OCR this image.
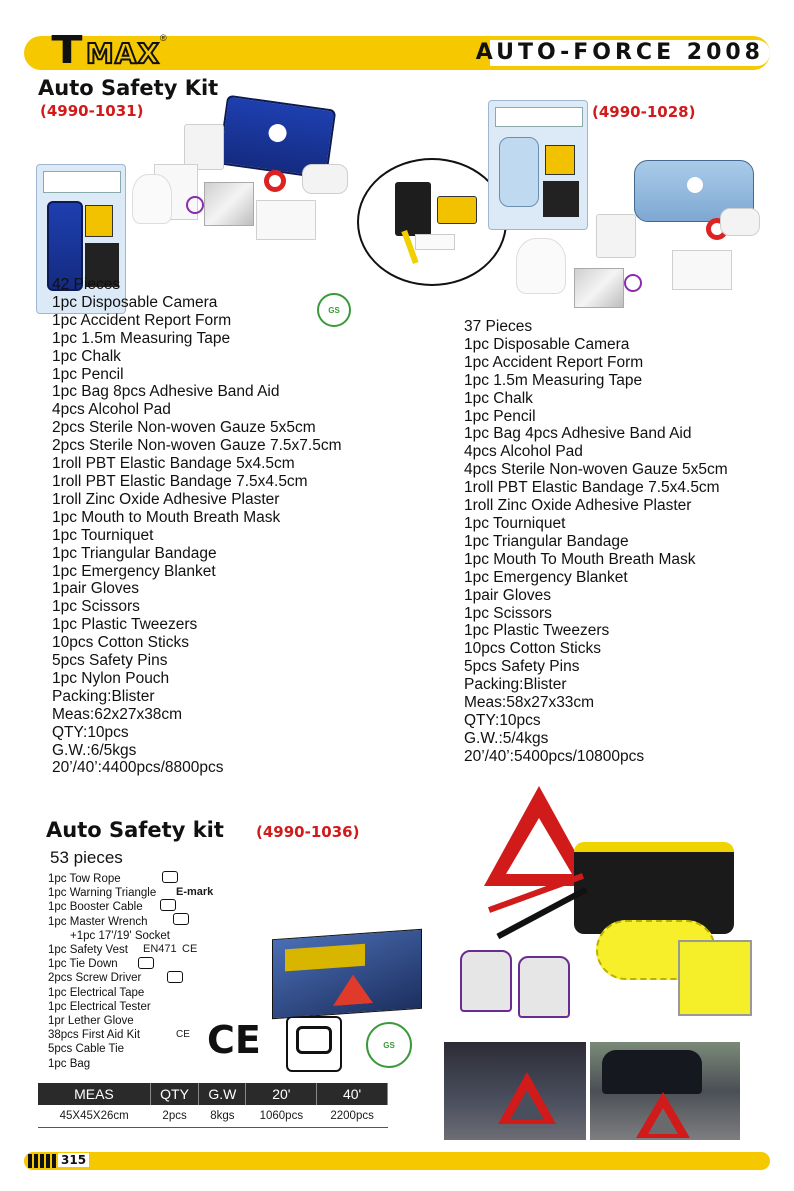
T MAX ®
AUTO-FORCE 2008
Auto Safety Kit
(4990-1031)	(4990-1028)
GS
42 Pieces
1pc Disposable Camera
1pc Accident Report Form
1pc 1.5m Measuring Tape
1pc Chalk
1pc Pencil
1pc Bag 8pcs Adhesive Band Aid
4pcs Alcohol Pad
2pcs Sterile Non-woven Gauze 5x5cm
2pcs Sterile Non-woven Gauze 7.5x7.5cm
1roll PBT Elastic Bandage 5x4.5cm
1roll PBT Elastic Bandage 7.5x4.5cm
1roll Zinc Oxide Adhesive Plaster
1pc Mouth to Mouth Breath Mask
1pc Tourniquet
1pc Triangular Bandage
1pc Emergency Blanket
1pair Gloves
1pc Scissors
1pc Plastic Tweezers
10pcs Cotton Sticks
5pcs Safety Pins
1pc Nylon Pouch
Packing:Blister
Meas:62x27x38cm
QTY:10pcs
G.W.:6/5kgs
20’/40’:4400pcs/8800pcs
37 Pieces
1pc Disposable Camera
1pc Accident Report Form
1pc 1.5m Measuring Tape
1pc Chalk
1pc Pencil
1pc Bag 4pcs Adhesive Band Aid
4pcs Alcohol Pad
4pcs Sterile Non-woven Gauze 5x5cm
1roll PBT Elastic Bandage 7.5x4.5cm
1roll Zinc Oxide Adhesive Plaster
1pc Tourniquet
1pc Triangular Bandage
1pc Mouth To Mouth Breath Mask
1pc Emergency Blanket
1pair Gloves
1pc Scissors
1pc Plastic Tweezers
10pcs Cotton Sticks
5pcs Safety Pins
Packing:Blister
Meas:58x27x33cm
QTY:10pcs
G.W.:5/4kgs
20’/40’:5400pcs/10800pcs
Auto Safety kit (4990-1036)
53 pieces
1pc Tow Rope
1pc Warning Triangle
1pc Booster Cable
1pc Master Wrench
+1pc 17'/19' Socket
1pc Safety Vest
1pc Tie Down
2pcs Screw Driver
1pc Electrical Tape
1pc Electrical Tester
1pr Lether Glove
38pcs First Aid Kit
5pcs Cable Tie
1pc Bag
E-mark
EN471 CE
CE CE	GS
MEAS	QTY	G.W	20'	40'
45X45X26cm	2pcs	8kgs	1060pcs	2200pcs
315
